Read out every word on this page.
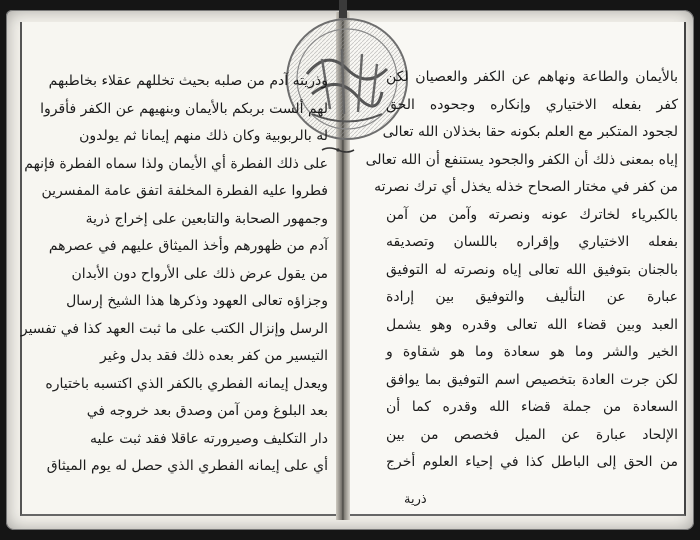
وذريته آدم من صلبه بحيث تخللهم عقلاء بخاطبهم
لهم ألست بربكم بالأيمان وبنهيهم عن الكفر فأقروا
له بالربوبية وكان ذلك منهم إيمانا ثم يولدون
على ذلك الفطرة أي الأيمان ولذا سماه الفطرة فإنهم
فطروا عليه الفطرة المخلفة اتفق عامة المفسرين
وجمهور الصحابة والتابعين على إخراج ذرية
آدم من ظهورهم وأخذ الميثاق عليهم في عصرهم
من يقول عرض ذلك على الأرواح دون الأبدان
وجزاؤه تعالى العهود وذكرها هذا الشيخ إرسال
الرسل وإنزال الكتب على ما ثبت العهد كذا في تفسير
التيسير من كفر بعده ذلك فقد بدل وغير
ويعدل إيمانه الفطري بالكفر الذي اكتسبه باختياره
بعد البلوغ ومن آمن وصدق بعد خروجه في
دار التكليف وصيرورته عاقلا فقد ثبت عليه
أي على إيمانه الفطري الذي حصل له يوم الميثاق
بالأيمان والطاعة ونهاهم عن الكفر والعصيان لكن
كفر بفعله الاختياري وإنكاره وجحوده الحق
لجحود المتكبر مع العلم بكونه حقا بخذلان الله تعالى
إياه بمعنى ذلك أن الكفر والجحود يستنفع أن الله تعالى
من كفر في مختار الصحاح خذله يخذل أي ترك نصرته
بالكبرياء لخاترك عونه ونصرته وآمن من آمن
بفعله الاختياري وإقراره باللسان وتصديقه
بالجنان بتوفيق الله تعالى إياه ونصرته له التوفيق
عبارة عن التأليف والتوفيق بين إرادة
العبد وبين قضاء الله تعالى وقدره وهو يشمل
الخير والشر وما هو سعادة وما هو شقاوة و
لكن جرت العادة بتخصيص اسم التوفيق بما يوافق
السعادة من جملة قضاء الله وقدره كما أن
الإلحاد عبارة عن الميل فخصص من بين
من الحق إلى الباطل كذا في إحياء العلوم أخرج
ذرية
